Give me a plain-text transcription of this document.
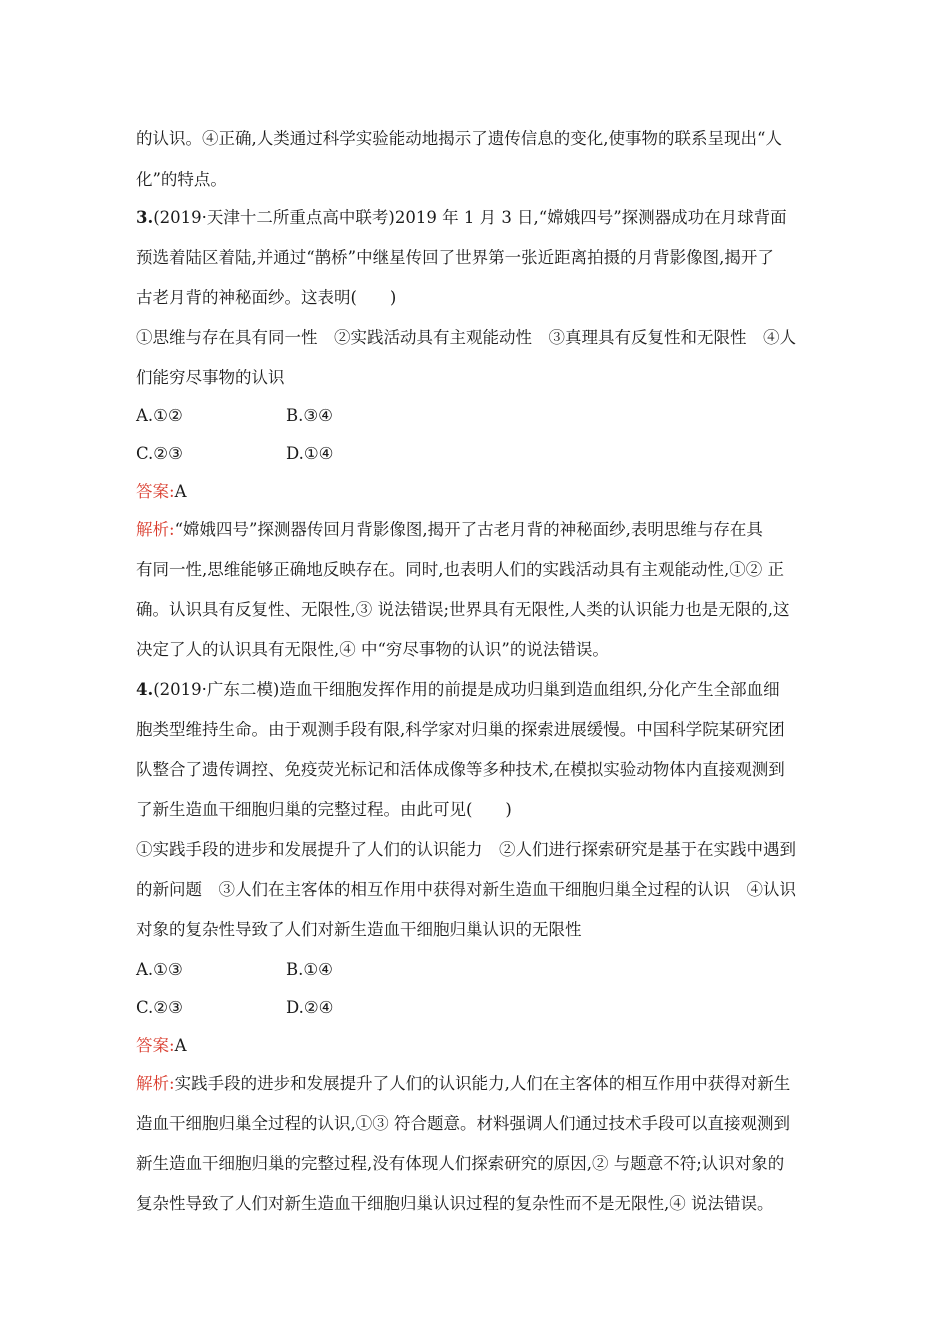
的认识。④正确,人类通过科学实验能动地揭示了遗传信息的变化,使事物的联系呈现出“人
化”的特点。
3.(2019·天津十二所重点高中联考)2019 年 1 月 3 日,“嫦娥四号”探测器成功在月球背面
预选着陆区着陆,并通过“鹊桥”中继星传回了世界第一张近距离拍摄的月背影像图,揭开了
古老月背的神秘面纱。这表明(　　)
①思维与存在具有同一性　②实践活动具有主观能动性　③真理具有反复性和无限性　④人
们能穷尽事物的认识
A.①②	B.③④
C.②③	D.①④
答案:A
解析:“嫦娥四号”探测器传回月背影像图,揭开了古老月背的神秘面纱,表明思维与存在具
有同一性,思维能够正确地反映存在。同时,也表明人们的实践活动具有主观能动性,①② 正
确。认识具有反复性、无限性,③ 说法错误;世界具有无限性,人类的认识能力也是无限的,这
决定了人的认识具有无限性,④ 中“穷尽事物的认识”的说法错误。
4.(2019·广东二模)造血干细胞发挥作用的前提是成功归巢到造血组织,分化产生全部血细
胞类型维持生命。由于观测手段有限,科学家对归巢的探索进展缓慢。中国科学院某研究团
队整合了遗传调控、免疫荧光标记和活体成像等多种技术,在模拟实验动物体内直接观测到
了新生造血干细胞归巢的完整过程。由此可见(　　)
①实践手段的进步和发展提升了人们的认识能力　②人们进行探索研究是基于在实践中遇到
的新问题　③人们在主客体的相互作用中获得对新生造血干细胞归巢全过程的认识　④认识
对象的复杂性导致了人们对新生造血干细胞归巢认识的无限性
A.①③	B.①④
C.②③	D.②④
答案:A
解析:实践手段的进步和发展提升了人们的认识能力,人们在主客体的相互作用中获得对新生
造血干细胞归巢全过程的认识,①③ 符合题意。材料强调人们通过技术手段可以直接观测到
新生造血干细胞归巢的完整过程,没有体现人们探索研究的原因,② 与题意不符;认识对象的
复杂性导致了人们对新生造血干细胞归巢认识过程的复杂性而不是无限性,④ 说法错误。
